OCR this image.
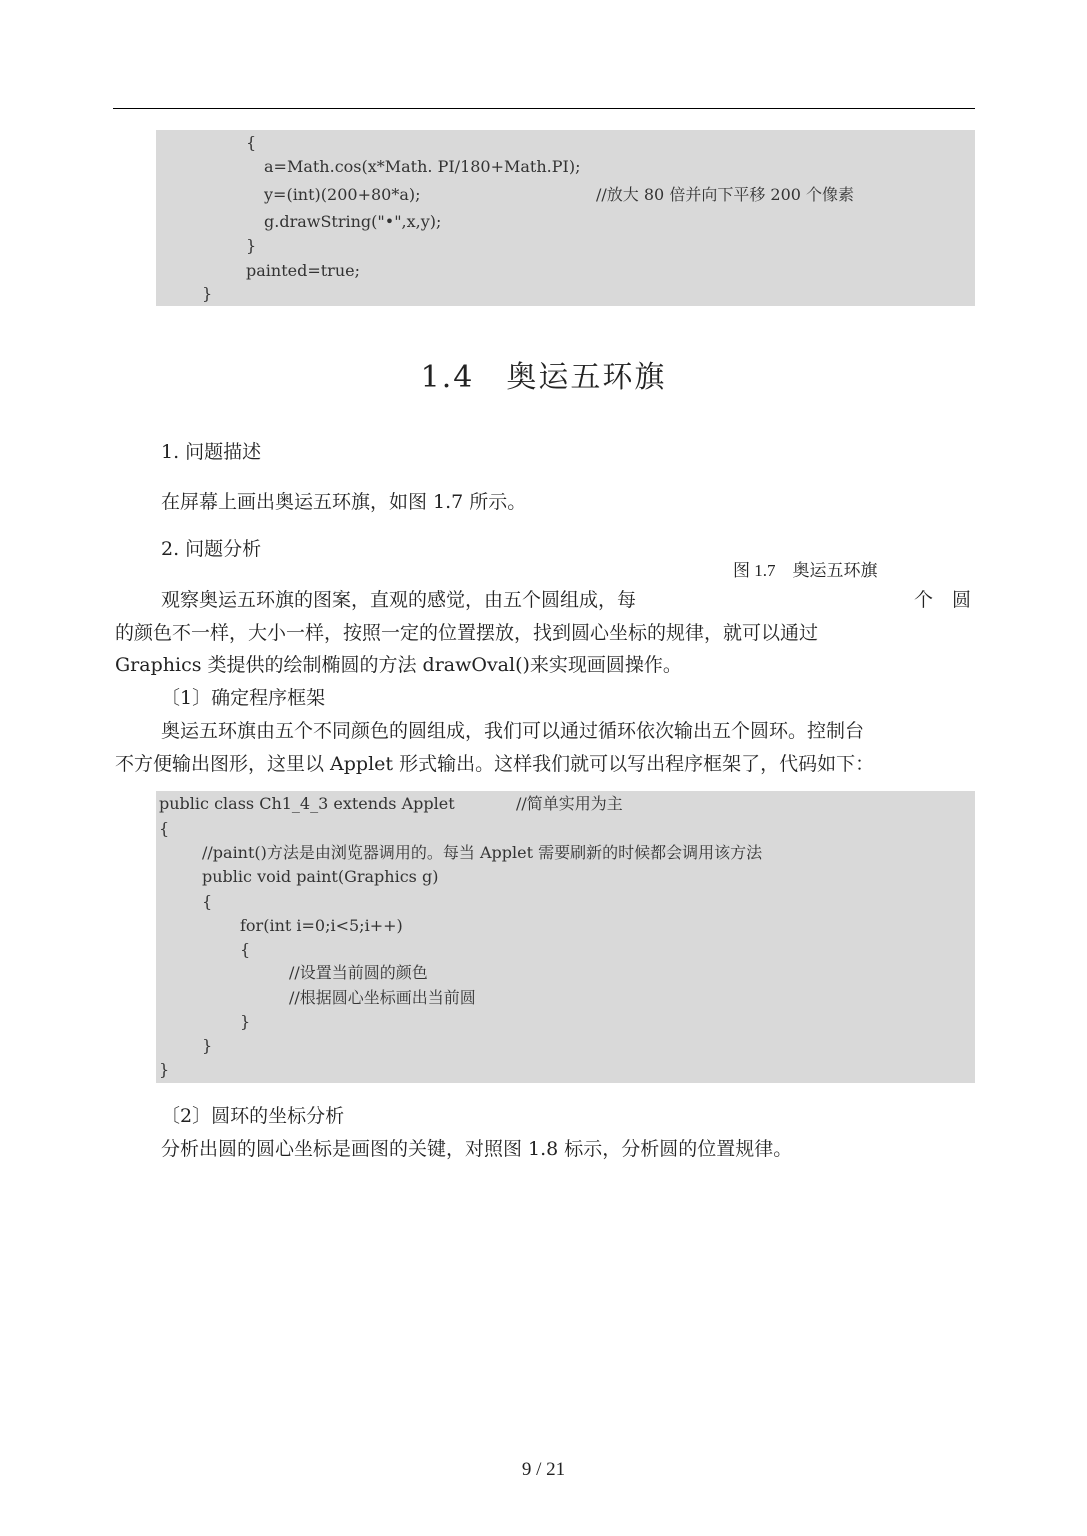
{
a=Math.cos(x*Math. PI/180+Math.PI);
y=(int)(200+80*a);	//放大 80 倍并向下平移 200 个像素
g.drawString("•",x,y);
}
painted=true;
}
1.4　奥运五环旗
1. 问题描述
在屏幕上画出奥运五环旗，如图 1.7 所示。
2. 问题分析
图 1.7　奥运五环旗
观察奥运五环旗的图案，直观的感觉，由五个圆组成，每	个　圆
的颜色不一样，大小一样，按照一定的位置摆放，找到圆心坐标的规律，就可以通过
Graphics 类提供的绘制椭圆的方法 drawOval()来实现画圆操作。
〔1〕确定程序框架
奥运五环旗由五个不同颜色的圆组成，我们可以通过循环依次输出五个圆环。控制台
不方便输出图形，这里以 Applet 形式输出。这样我们就可以写出程序框架了，代码如下：
public class Ch1_4_3 extends Applet	//简单实用为主
{
//paint()方法是由浏览器调用的。每当 Applet 需要刷新的时候都会调用该方法
public void paint(Graphics g)
{
for(int i=0;i<5;i++)
{
//设置当前圆的颜色
//根据圆心坐标画出当前圆
}
}
}
〔2〕圆环的坐标分析
分析出圆的圆心坐标是画图的关键，对照图 1.8 标示，分析圆的位置规律。
9 / 21
